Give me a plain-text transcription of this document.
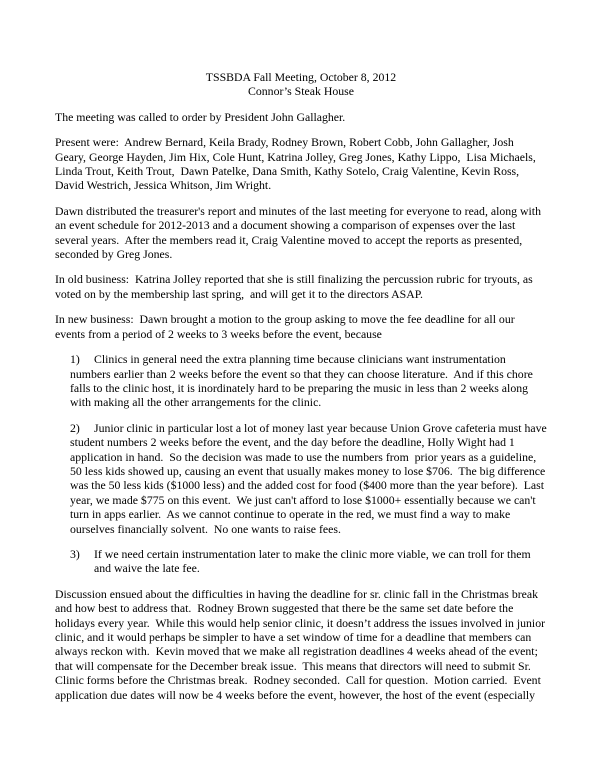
TSSBDA Fall Meeting, October 8, 2012
Connor’s Steak House

The meeting was called to order by President John Gallagher.

Present were:  Andrew Bernard, Keila Brady, Rodney Brown, Robert Cobb, John Gallagher, Josh Geary, George Hayden, Jim Hix, Cole Hunt, Katrina Jolley, Greg Jones, Kathy Lippo,  Lisa Michaels, Linda Trout, Keith Trout,  Dawn Patelke, Dana Smith, Kathy Sotelo, Craig Valentine, Kevin Ross, David Westrich, Jessica Whitson, Jim Wright.

Dawn distributed the treasurer's report and minutes of the last meeting for everyone to read, along with an event schedule for 2012-2013 and a document showing a comparison of expenses over the last several years.  After the members read it, Craig Valentine moved to accept the reports as presented, seconded by Greg Jones.

In old business:  Katrina Jolley reported that she is still finalizing the percussion rubric for tryouts, as voted on by the membership last spring,  and will get it to the directors ASAP.

In new business:  Dawn brought a motion to the group asking to move the fee deadline for all our events from a period of 2 weeks to 3 weeks before the event, because

1) Clinics in general need the extra planning time because clinicians want instrumentation numbers earlier than 2 weeks before the event so that they can choose literature.  And if this chore falls to the clinic host, it is inordinately hard to be preparing the music in less than 2 weeks along with making all the other arrangements for the clinic.
2) Junior clinic in particular lost a lot of money last year because Union Grove cafeteria must have student numbers 2 weeks before the event, and the day before the deadline, Holly Wight had 1 application in hand.  So the decision was made to use the numbers from  prior years as a guideline, 50 less kids showed up, causing an event that usually makes money to lose $706.  The big difference was the 50 less kids ($1000 less) and the added cost for food ($400 more than the year before).  Last year, we made $775 on this event.  We just can't afford to lose $1000+ essentially because we can't turn in apps earlier.  As we cannot continue to operate in the red, we must find a way to make ourselves financially solvent.  No one wants to raise fees.
3) If we need certain instrumentation later to make the clinic more viable, we can troll for them and waive the late fee.

Discussion ensued about the difficulties in having the deadline for sr. clinic fall in the Christmas break and how best to address that.  Rodney Brown suggested that there be the same set date before the holidays every year.  While this would help senior clinic, it doesn’t address the issues involved in junior clinic, and it would perhaps be simpler to have a set window of time for a deadline that members can always reckon with.  Kevin moved that we make all registration deadlines 4 weeks ahead of the event; that will compensate for the December break issue.  This means that directors will need to submit Sr. Clinic forms before the Christmas break.  Rodney seconded.  Call for question.  Motion carried.  Event application due dates will now be 4 weeks before the event, however, the host of the event (especially
